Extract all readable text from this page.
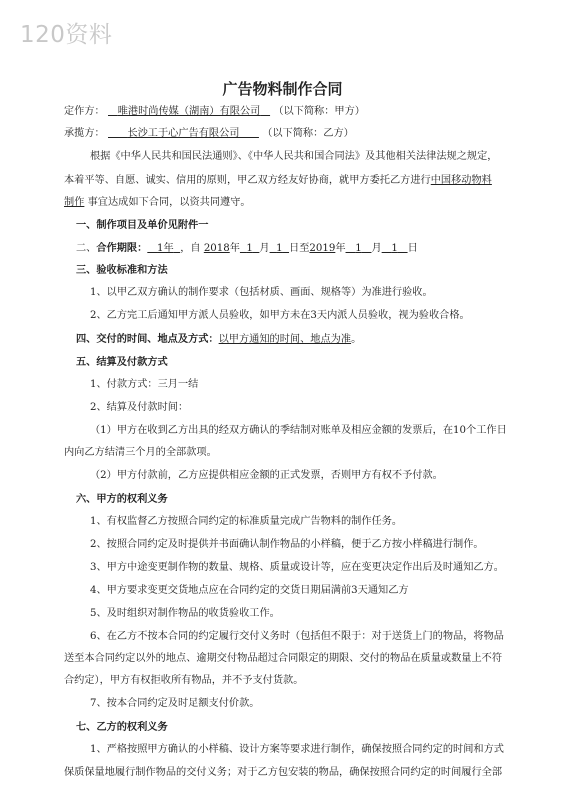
120资料
广告物料制作合同
定作方： 唯港时尚传媒（湖南）有限公司 （以下简称：甲方）
承揽方： 长沙工于心广告有限公司 （以下简称：乙方）
根据《中华人民共和国民法通则》、《中华人民共和国合同法》及其他相关法律法规之规定，
本着平等、自愿、诚实、信用的原则，甲乙双方经友好协商，就甲方委托乙方进行中国移动物料
制作 事宜达成如下合同，以资共同遵守。
一、制作项目及单价见附件一
二、合作期限： 1年 ，自 2018年 1 月 1 日至2019年 1 月 1 日
三、验收标准和方法
1、以甲乙双方确认的制作要求（包括材质、画面、规格等）为准进行验收。
2、乙方完工后通知甲方派人员验收，如甲方未在3天内派人员验收，视为验收合格。
四、交付的时间、地点及方式：以甲方通知的时间、地点为准。
五、结算及付款方式
1、付款方式：三月一结
2、结算及付款时间：
（1）甲方在收到乙方出具的经双方确认的季结制对账单及相应金额的发票后，在10个工作日
内向乙方结清三个月的全部款项。
（2）甲方付款前，乙方应提供相应金额的正式发票，否则甲方有权不予付款。
六、甲方的权利义务
1、有权监督乙方按照合同约定的标准质量完成广告物料的制作任务。
2、按照合同约定及时提供并书面确认制作物品的小样稿，便于乙方按小样稿进行制作。
3、甲方中途变更制作物的数量、规格、质量或设计等，应在变更决定作出后及时通知乙方。
4、甲方要求变更交货地点应在合同约定的交货日期届满前3天通知乙方
5、及时组织对制作物品的收货验收工作。
6、在乙方不按本合同的约定履行交付义务时（包括但不限于：对于送货上门的物品，将物品
送至本合同约定以外的地点、逾期交付物品超过合同限定的期限、交付的物品在质量或数量上不符
合约定），甲方有权拒收所有物品，并不予支付货款。
7、按本合同约定及时足额支付价款。
七、乙方的权利义务
1、严格按照甲方确认的小样稿、设计方案等要求进行制作，确保按照合同约定的时间和方式
保质保量地履行制作物品的交付义务；对于乙方包安装的物品，确保按照合同约定的时间履行全部
